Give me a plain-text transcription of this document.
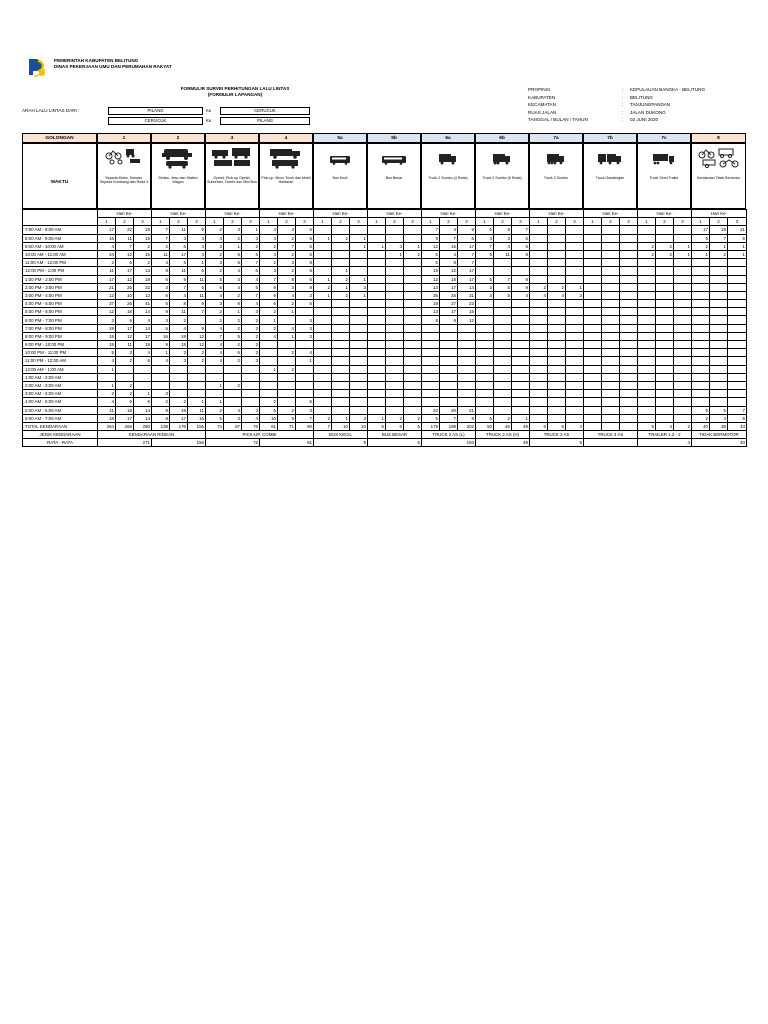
PEMERINTAH KABUPATEN BELITUNG
DINAS PEKERJAAN UMU DAN PERUMAHAN RAKYAT
FORMULIR SURVEI PERHITUNGAN LALU LINTAS
(FORMULIR LAPANGAN)
PROPINSI	:	KEPULAUAN BANGKA - BELITUNG
KABUPATEN	:	BELITUNG
KECAMATAN	:	TANJUNGPANDAN
RUAS JALAN	:	JALAN DUKONG
TANGGAL / BULAN / TAHUN	:	02 JUNI 2020
ARAH LALU LINTAS DARI :	PILANG	Ke	CERUCUK
CERUCUK	Ke	PILANG
GOLONGAN
WAKTU
1
Sepeda Motor, Sekuter, Sepeda Kumbang dan Roda 3
2
Sedan, Jeep dan Station Wagon
3
Opelet, Pick-up Opelet, Suburban, Combi dan Mini Bus
4
Pick-up, Micro Truck dan Mobil Hantaran
5a
Bus Kecil
5b
Bus Besar
6a
Truck 2 Sumbu (4 Roda)
6b
Truck 2 Sumbu (6 Roda)
7a
Truck 3 Sumbu
7b
Truck Gandengan
7c
Truck Semi Trailer
8
Kendaraan Tidak Bermotor
	Hari Ke-			Hari Ke-			Hari Ke-			Hari Ke-			Hari Ke-			Hari Ke-			Hari Ke-			Hari Ke-			Hari Ke-			Hari Ke-			Hari Ke-			Hari Ke-		
	1	2	3	1	2	3	1	2	3	1	2	3	1	2	3	1	2	3	1	2	3	1	2	3	1	2	3	1	2	3	1	2	3	1	2	3
7:00 AM - 8:00 AM	17	22	18	7	11	9	2	3	1	4	3	5							7	4	9	6	8	7										17	18	21
8:00 AM - 9:00 AM	15	11	19	7	3	4	4	2	3	4	2	6	1	2	1				9	7	6	4	3	5										9	7	6
9:00 AM - 10:00 AM	4	7	2	2	6	4	3	1	2	2	7	5			1	1	3	1	12	15	17	7	4	6							2	2	1	2	1	1
10:00 AM - 11:00 AM	24	12	15	11	17	4	2	6	5	4	2	5					1	2	6	4	7	9	11	8							2	2	1	1	2	1
11:00 AM - 12:00 PM	2	6	2	4	5	1	3	6	7	2	3	8							6	8	7															
12:00 PM - 1:00 PM	11	17	13	8	11	6	2	4	6	3	2	6		1					19	12	17															
1:00 PM - 2:00 PM	17	12	18	6	9	11	5	3	4	7	8	6	1	2	1				12	18	17	5	7	8												
2:00 PM - 3:00 PM	21	25	22	3	7	5	6	4	5	9	3	8	2	1	3				13	17	14	3	5	9	2	2	1									
3:00 PM - 4:00 PM	12	10	13	6	4	11	4	2	7	9	4	3	1	2	1				26	34	31	3	5	4	4	4	3									
4:00 PM - 5:00 PM	37	26	41	5	8	9	3	8	4	6	2	5							19	27	23															
5:00 PM - 6:00 PM	12	18	14	9	11	7	2	1	3	2	1								13	17	15															
6:00 PM - 7:00 PM	3	6	4	3	2		2	2	3	1		3							8	9	12															
7:00 PM - 8:00 PM	19	17	14	6	4	9	4	2	3	2	4	3																								
8:00 PM - 9:00 PM	15	12	17	16	19	12	7	5	2	4	1	3																								
9:00 PM - 10:00 PM	15	11	19	9	15	12	4	2	3																											
10:00 PM - 11:00 PM	5	3	4	1	3	2	4	6	3		2	4																								
11:00 PM - 12:00 AM	4	2	6	4	3	2	4	2	3			1																								
12:00 AM - 1:00 AM	1									1	2																									
1:00 AM - 2:00 AM																																				
2:00 AM - 3:00 AM	1	2					1	2																												
3:00 AM - 4:00 AM	2	2	1	3																																
4:00 AM - 5:00 AM	4	9	6	2	2	1	1			2		5																								
5:00 AM - 6:00 AM	11	18	14	9	19	11	2	4	3	5	2	3							22	20	21													9	5	7
6:00 AM - 7:00 AM	18	17	14	8	17	15	5	3	4	10	9	7	2	1	3	1	2	2	5	7	8	5	2	1										2	4	5
TOTAL KENDARAAN	264	268	290	138	176	155	74	67	76	81	71	90	7	10	10	5	6	5	179	198	202	50	46	48	6	6	4				5	4	2	40	38	43
JENIS KENDARAAN	KENDARAAN RINGAN						PICK-UP, COMBI						BUS KECIL			BUS BESAR			TRUCK 2 AS (L)			TRUCK 2 AS (H)			TRUCK 3 AS			TRUCK 4 AS			TRAILER 1.2 - 2			TIDAK BERMOTOR		
RATA - RATA	271			156			72			81			9			5			193			48			5						4			40		
